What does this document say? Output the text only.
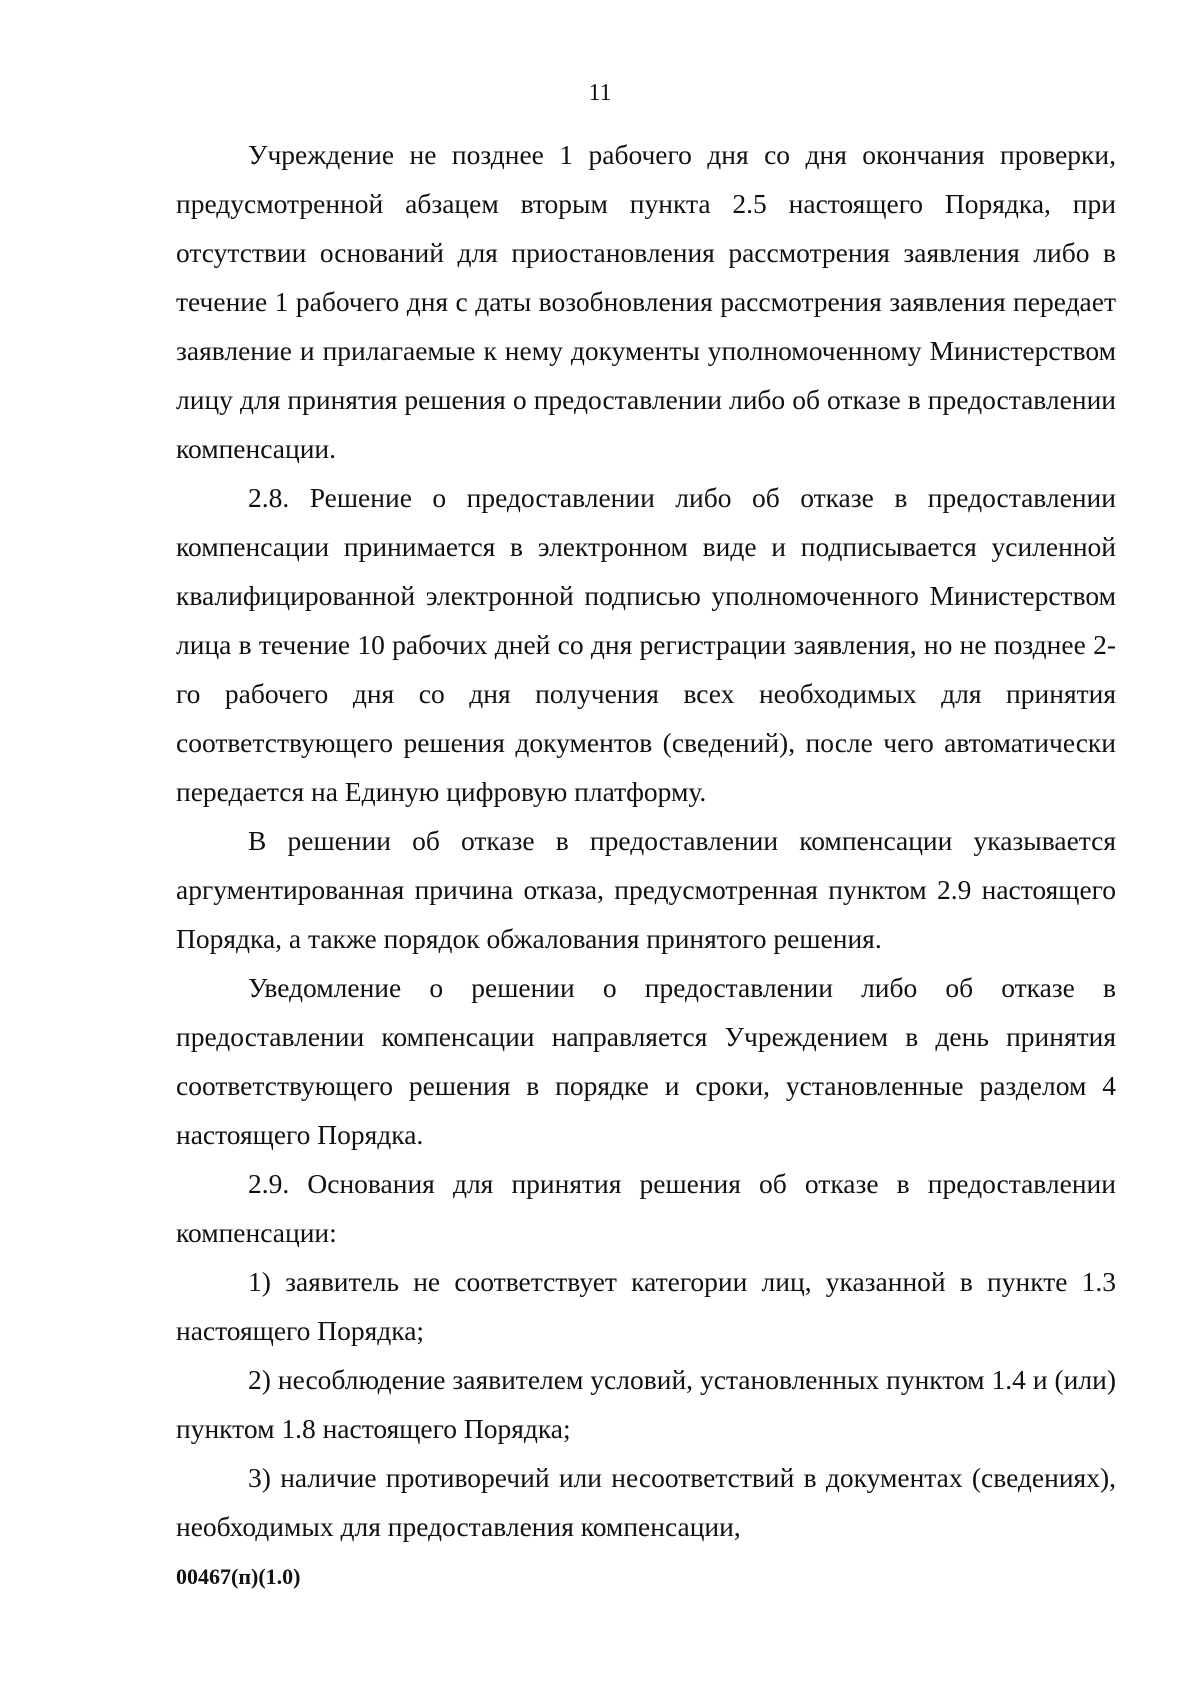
11

Учреждение не позднее 1 рабочего дня со дня окончания проверки, предусмотренной абзацем вторым пункта 2.5 настоящего Порядка, при отсутствии оснований для приостановления рассмотрения заявления либо в течение 1 рабочего дня с даты возобновления рассмотрения заявления передает заявление и прилагаемые к нему документы уполномоченному Министерством лицу для принятия решения о предоставлении либо об отказе в предоставлении компенсации.

2.8. Решение о предоставлении либо об отказе в предоставлении компенсации принимается в электронном виде и подписывается усиленной квалифицированной электронной подписью уполномоченного Министерством лица в течение 10 рабочих дней со дня регистрации заявления, но не позднее 2-го рабочего дня со дня получения всех необходимых для принятия соответствующего решения документов (сведений), после чего автоматически передается на Единую цифровую платформу.

В решении об отказе в предоставлении компенсации указывается аргументированная причина отказа, предусмотренная пунктом 2.9 настоящего Порядка, а также порядок обжалования принятого решения.

Уведомление о решении о предоставлении либо об отказе в предоставлении компенсации направляется Учреждением в день принятия соответствующего решения в порядке и сроки, установленные разделом 4 настоящего Порядка.

2.9. Основания для принятия решения об отказе в предоставлении компенсации:

1) заявитель не соответствует категории лиц, указанной в пункте 1.3 настоящего Порядка;

2) несоблюдение заявителем условий, установленных пунктом 1.4 и (или) пунктом 1.8 настоящего Порядка;

3) наличие противоречий или несоответствий в документах (сведениях), необходимых для предоставления компенсации,

00467(п)(1.0)
